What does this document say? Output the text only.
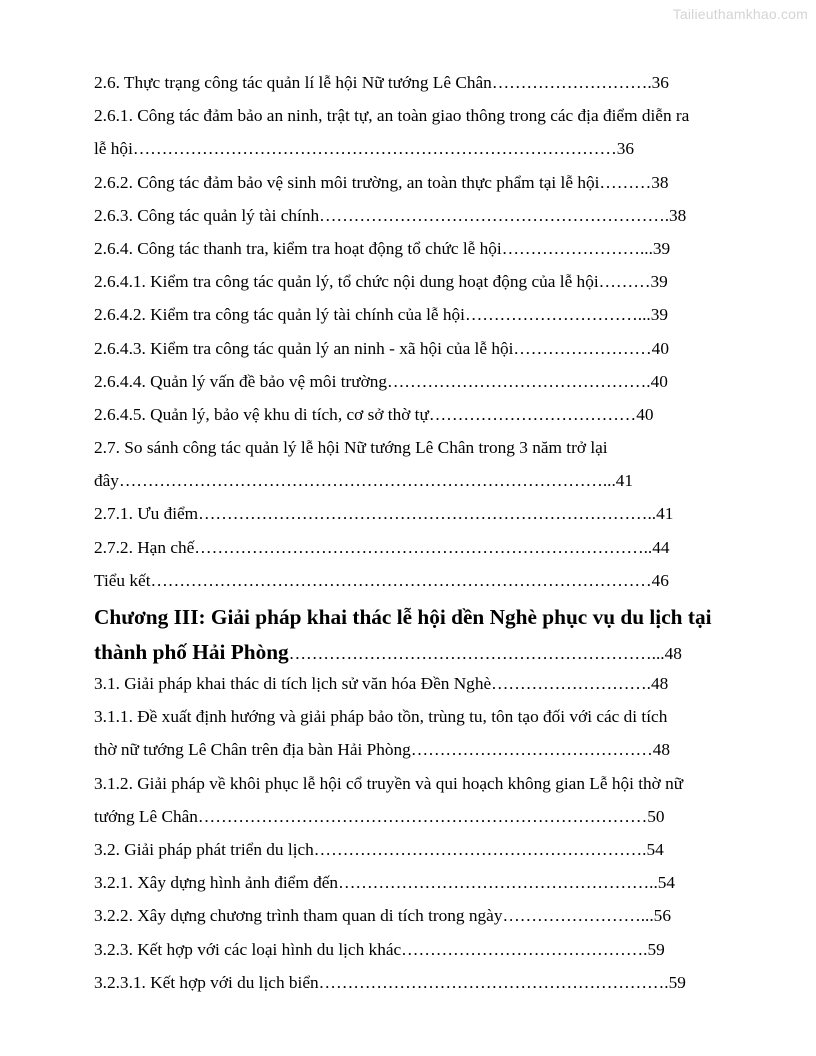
Tailieuthamkhao.com
2.6. Thực trạng công tác quản lí lễ hội Nữ tướng Lê Chân……………………….36
2.6.1. Công tác đảm bảo an ninh, trật tự, an toàn giao thông trong các địa điểm diễn ra
lễ hội…………………………………………………………………………36
2.6.2. Công tác đảm bảo vệ sinh môi trường, an toàn thực phẩm tại lễ hội………38
2.6.3. Công tác quản lý tài chính…………………………………………………….38
2.6.4. Công tác thanh tra, kiểm tra hoạt động tổ chức lễ hội……………………...39
2.6.4.1. Kiểm tra công tác quản lý, tổ chức nội dung hoạt động của lễ hội………39
2.6.4.2. Kiểm tra công tác quản lý tài chính của lễ hội…………………………...39
2.6.4.3. Kiểm tra công tác quản lý an ninh - xã hội của lễ hội……………………40
2.6.4.4. Quản lý vấn đề bảo vệ môi trường……………………………………….40
2.6.4.5. Quản lý, bảo vệ khu di tích, cơ sở thờ tự………………………………40
2.7. So sánh công tác quản lý lễ hội Nữ tướng Lê Chân trong 3 năm trở lại
đây…………………………………………………………………………...41
2.7.1. Ưu điểm……………………………………………………………………..41
2.7.2. Hạn chế……………………………………………………………………..44
Tiểu kết……………………………………………………………………………46
Chương III: Giải pháp khai thác lễ hội dền Nghè phục vụ du lịch tại
thành phố Hải Phòng………………………………………………………...48
3.1. Giải pháp khai thác di tích lịch sử văn hóa Đền Nghè……………………….48
3.1.1. Đề xuất định hướng và giải pháp bảo tồn, trùng tu, tôn tạo đối với các di tích
thờ nữ tướng Lê Chân trên địa bàn Hải Phòng……………………………………48
3.1.2. Giải pháp về khôi phục lễ hội cổ truyền và qui hoạch không gian Lễ hội thờ nữ
tướng Lê Chân……………………………………………………………………50
3.2. Giải pháp phát triển du lịch………………………………………………….54
3.2.1. Xây dựng hình ảnh điểm đến………………………………………………..54
3.2.2. Xây dựng chương trình tham quan di tích trong ngày……………………...56
3.2.3. Kết hợp với các loại hình du lịch khác…………………………………….59
3.2.3.1. Kết hợp với du lịch biển…………………………………………………….59
